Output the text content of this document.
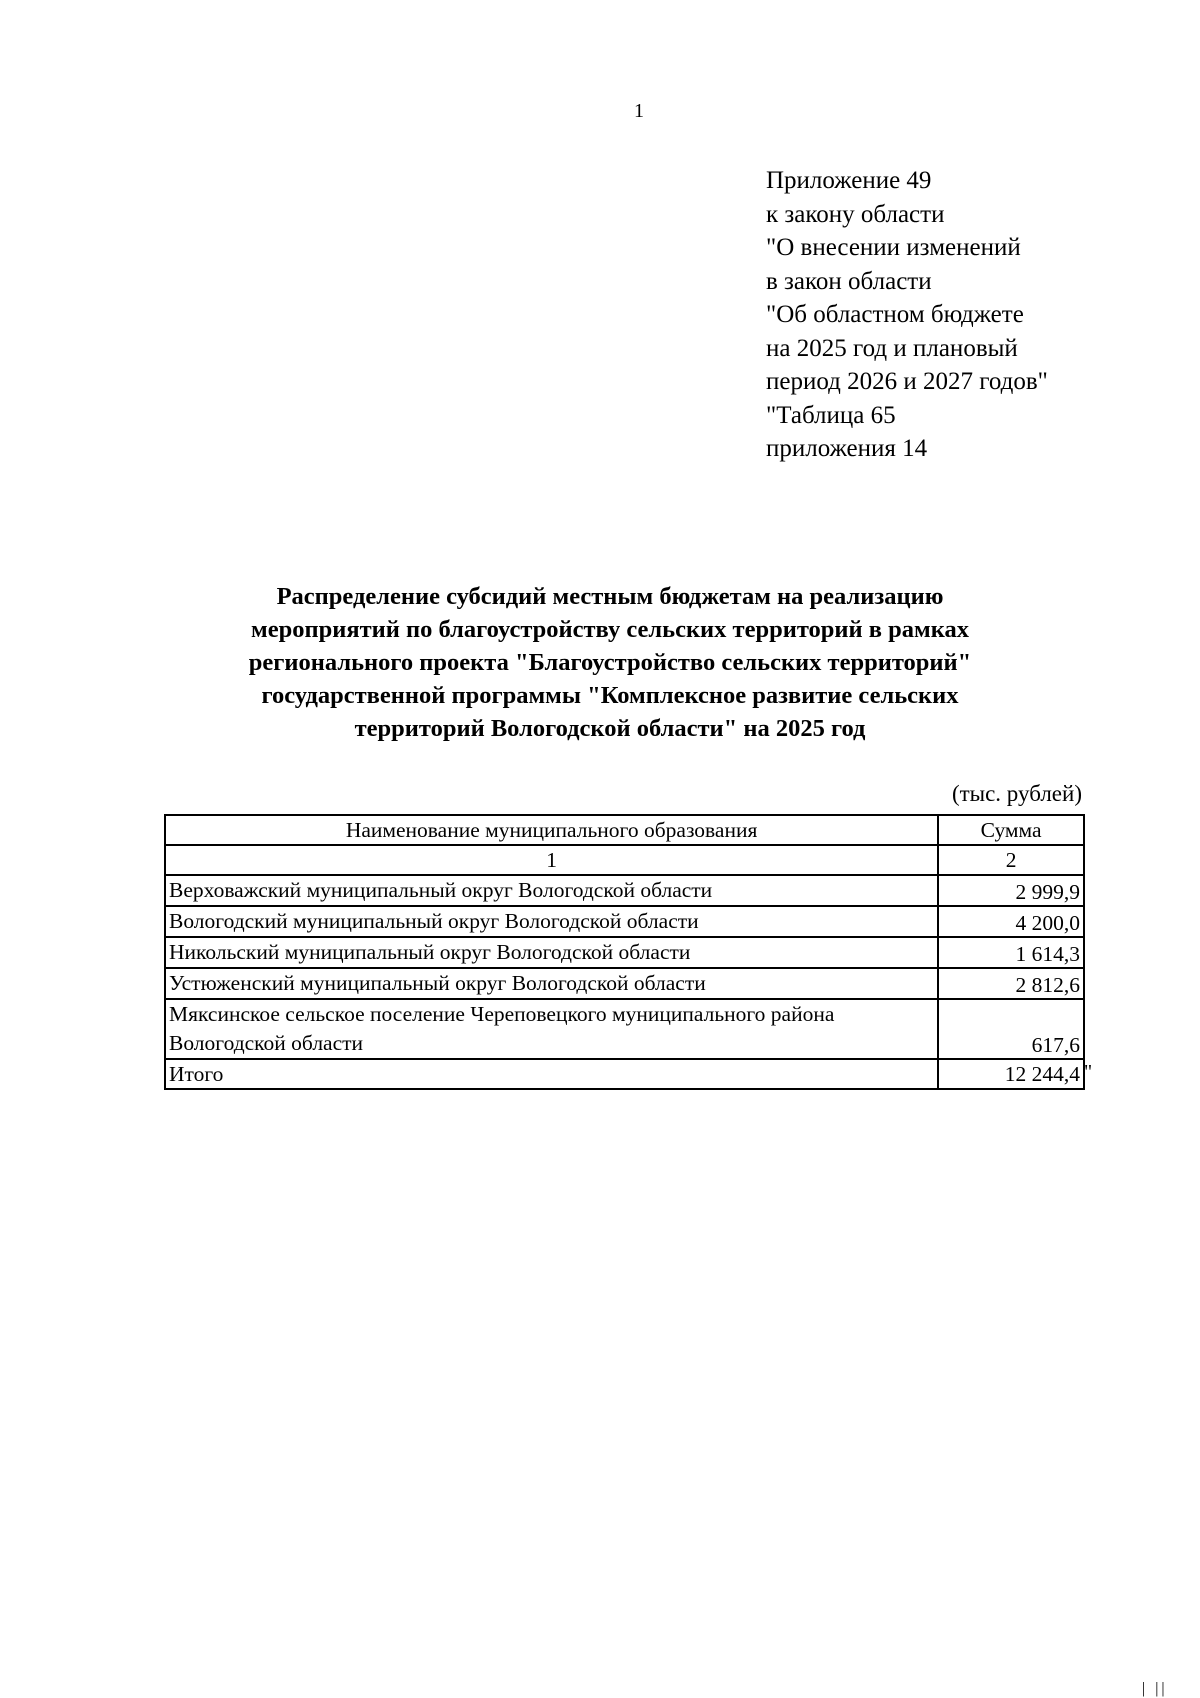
1
Приложение 49
к закону области
"О внесении изменений
в закон области
"Об областном бюджете
на 2025 год и плановый
период 2026 и 2027 годов"
"Таблица 65
приложения 14
Распределение субсидий местным бюджетам на реализацию
мероприятий по благоустройству сельских территорий в рамках
регионального проекта "Благоустройство сельских территорий"
государственной программы "Комплексное развитие сельских
территорий Вологодской области" на 2025 год
(тыс. рублей)
Наименование муниципального образования	Сумма
1	2
Верховажский муниципальный округ Вологодской области	2 999,9
Вологодский муниципальный округ Вологодской области	4 200,0
Никольский муниципальный округ Вологодской области	1 614,3
Устюженский муниципальный округ Вологодской области	2 812,6

Мяксинское сельское поселение Череповецкого муниципального района
Вологодской области	617,6
Итого	12 244,4 "
| ||
